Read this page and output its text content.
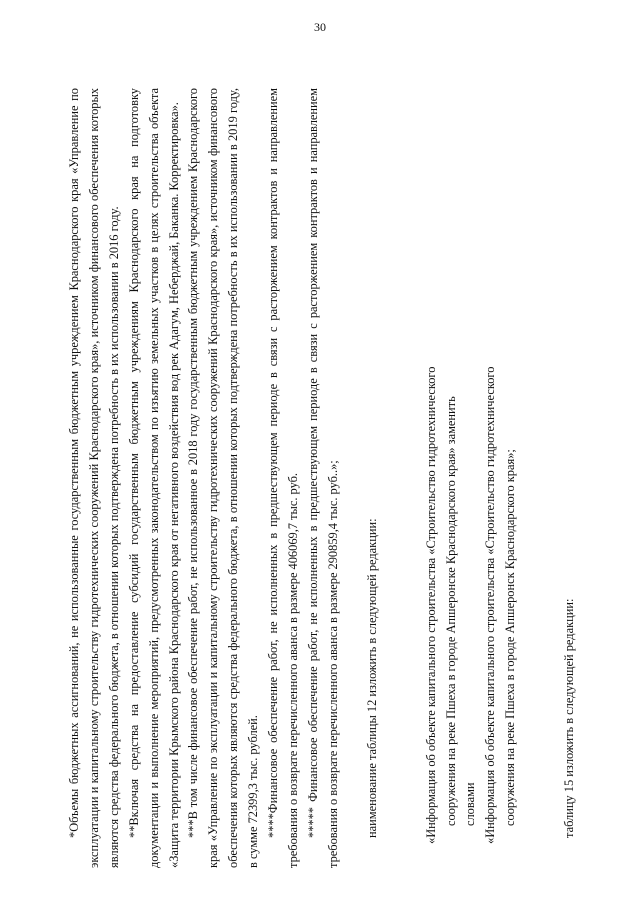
30

*Объемы бюджетных ассигнований, не использованные государственным бюджетным учреждением Краснодарского края «Управление по эксплуатации и капитальному строительству гидротехнических сооружений Краснодарского края», источником финансового обеспечения которых являются средства федерального бюджета, в отношении которых подтверждена потребность в их использовании в 2016 году. **Включая средства на предоставление субсидий государственным бюджетным учреждениям Краснодарского края на подготовку документации и выполнение мероприятий, предусмотренных законодательством по изъятию земельных участков в целях строительства объекта «Защита территории Крымского района Краснодарского края от негативного воздействия вод рек Адагум, Неберджай, Баканка. Корректировка». ***В том числе финансовое обеспечение работ, не использованное в 2018 году государственным бюджетным учреждением Краснодарского края «Управление по эксплуатации и капитальному строительству гидротехнических сооружений Краснодарского края», источником финансового обеспечения которых являются средства федерального бюджета, в отношении которых подтверждена потребность в их использовании в 2019 году, в сумме 72399,3 тыс. рублей. ****Финансовое обеспечение работ, не исполненных в предшествующем периоде в связи с расторжением контрактов и направлением требования о возврате перечисленного аванса в размере 406069,7 тыс. руб. ***** Финансовое обеспечение работ, не исполненных в предшествующем периоде в связи с расторжением контрактов и направлением требования о возврате перечисленного аванса в размере 290859,4 тыс. руб..»;	наименование таблицы 12 изложить в следующей редакции:	«Информация об объекте капитального строительства «Строительство гидротехнического сооружения на реке Пшеха в городе Апшеронске Краснодарского края» заменить словами «Информация об объекте капитального строительства «Строительство гидротехнического сооружения на реке Пшеха в городе Апшеронск Краснодарского края»;	таблицу 15 изложить в следующей редакции:
